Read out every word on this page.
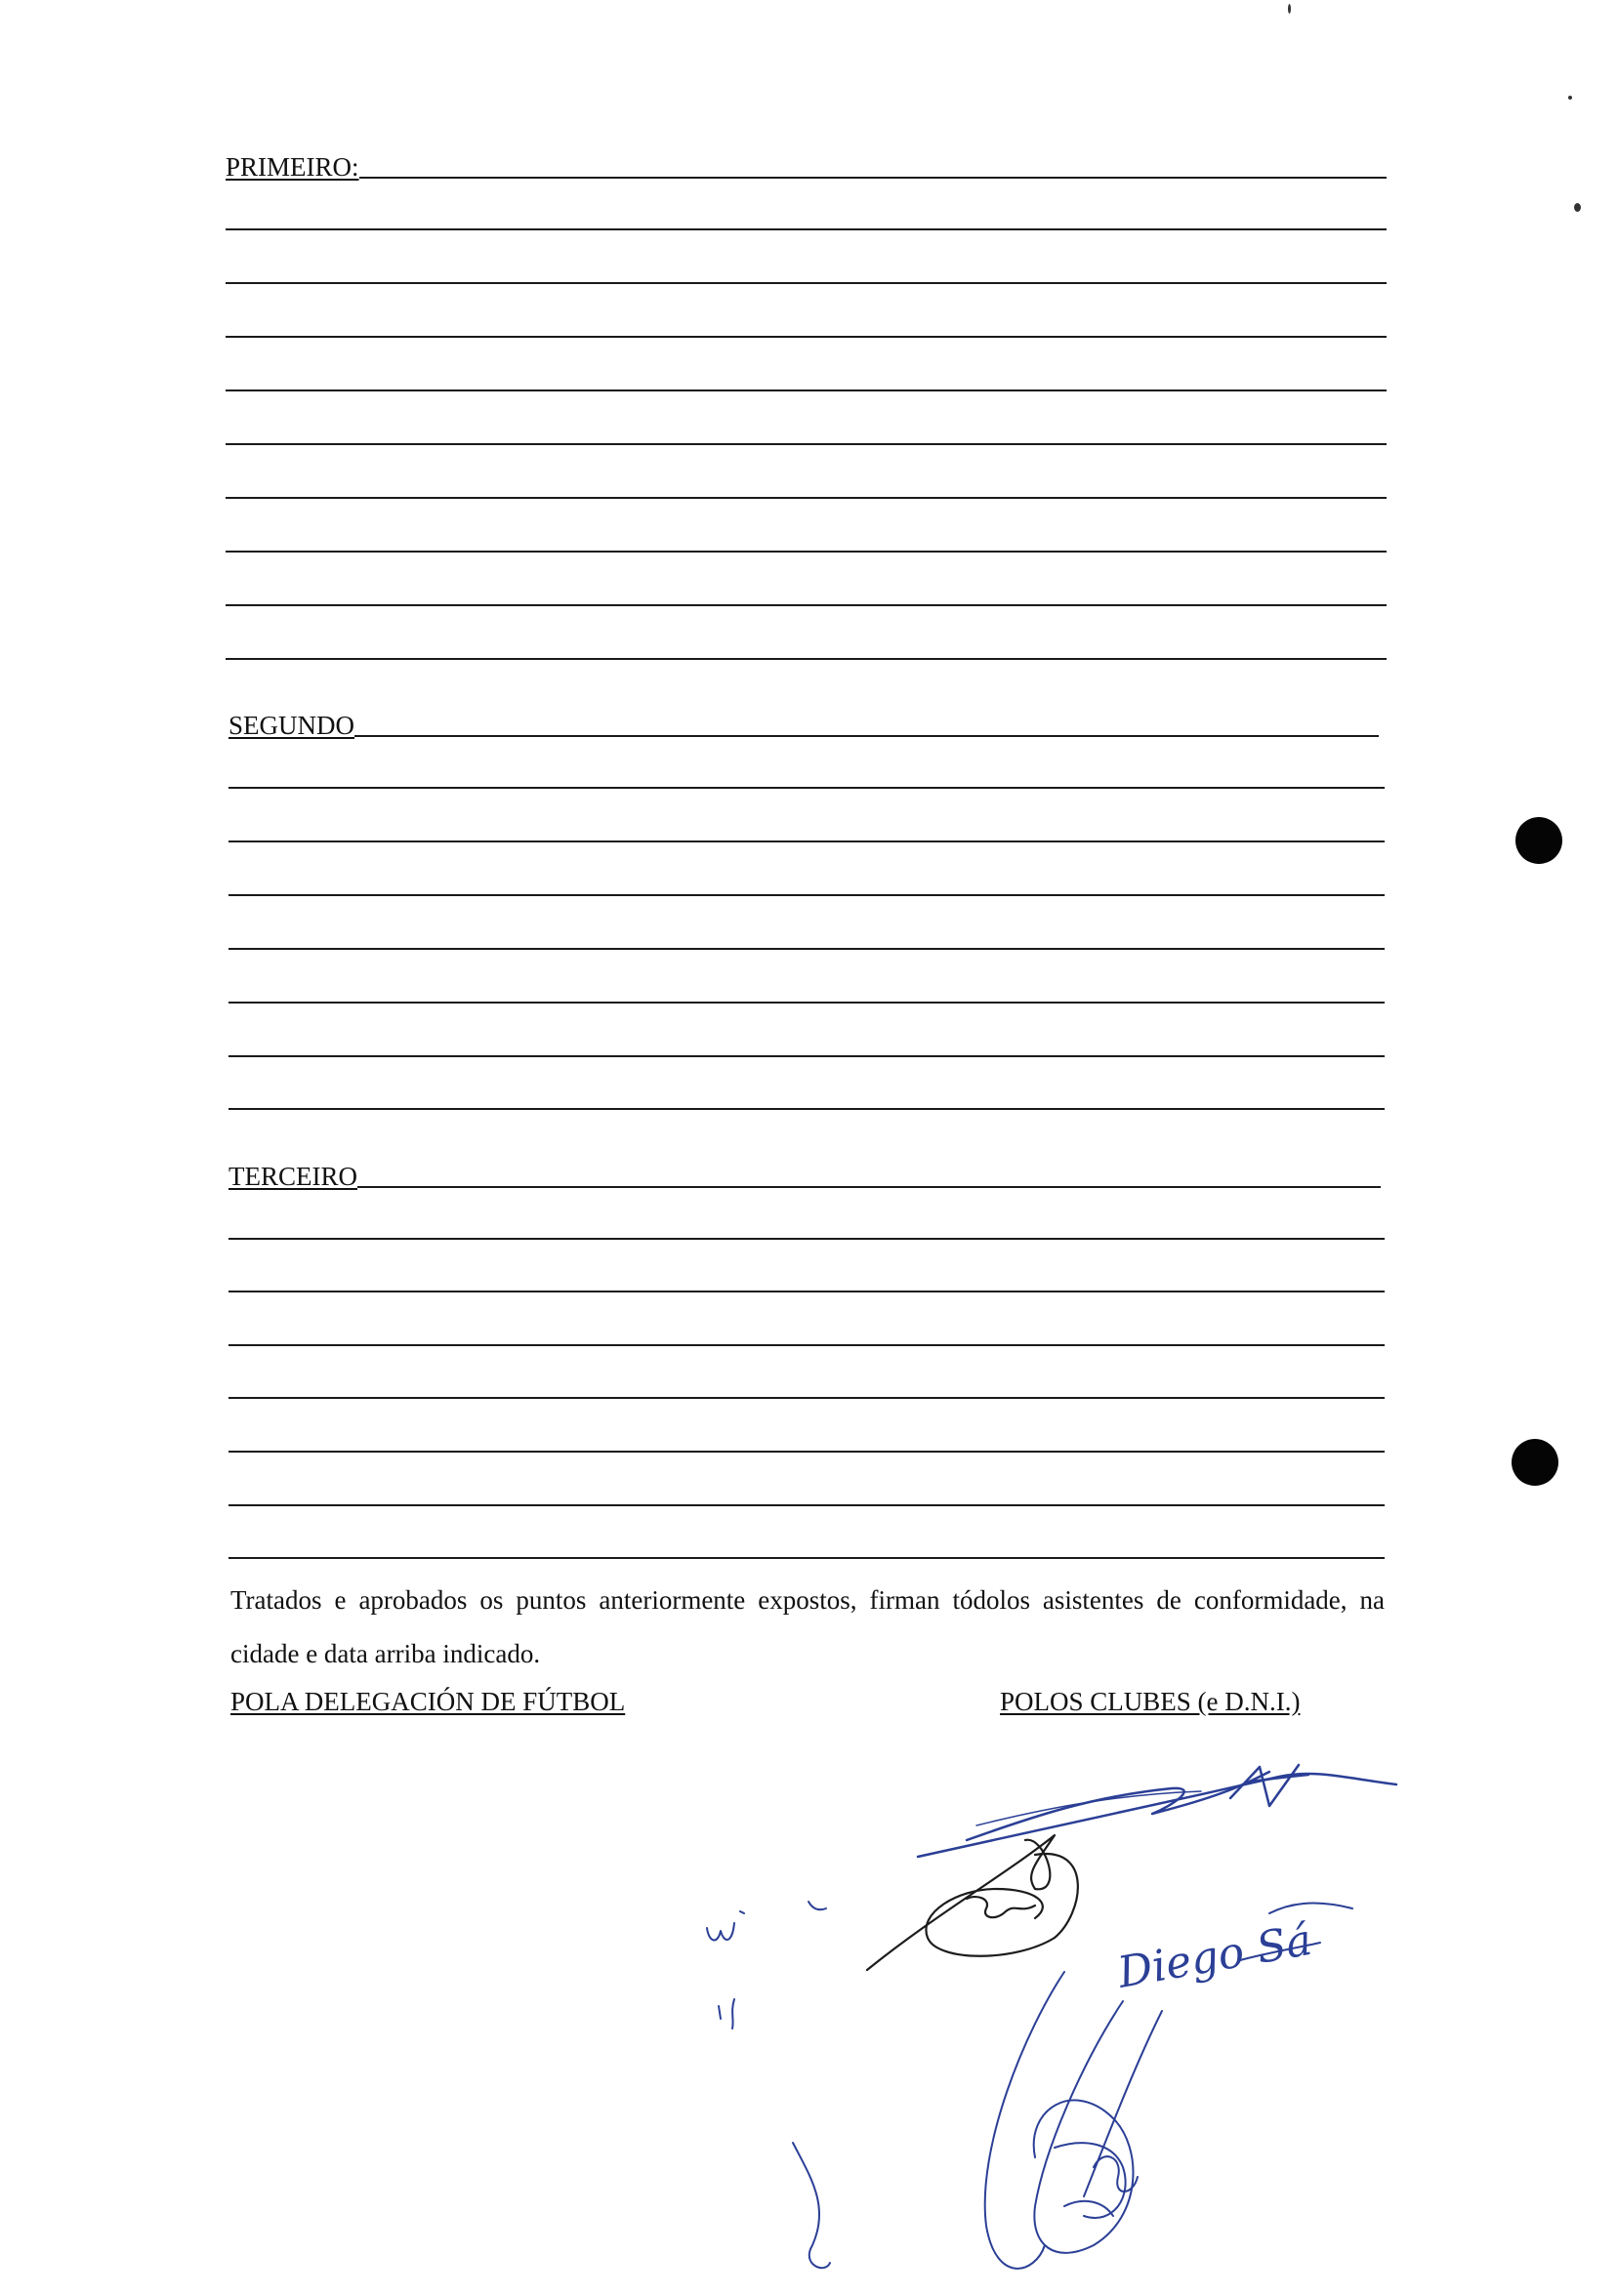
PRIMEIRO:
SEGUNDO
TERCEIRO
Tratados e aprobados os puntos anteriormente expostos, firman tódolos asistentes de conformidade, na cidade e data arriba indicado.
POLA DELEGACIÓN DE FÚTBOL	POLOS CLUBES (e D.N.I.)
Diego Sá
